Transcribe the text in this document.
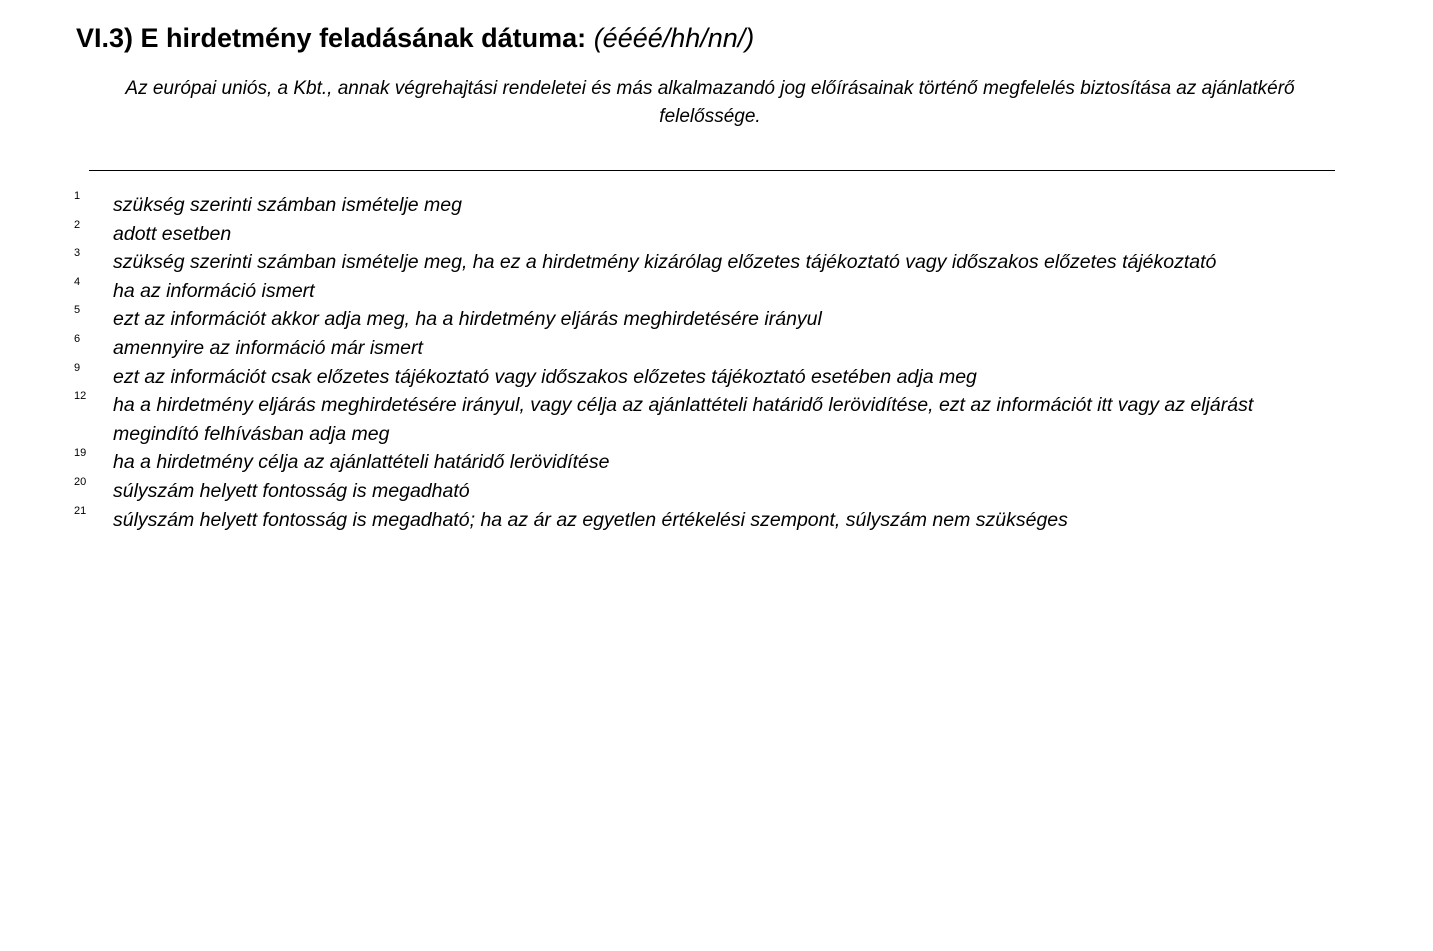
VI.3) E hirdetmény feladásának dátuma: (éééé/hh/nn/)

Az európai uniós, a Kbt., annak végrehajtási rendeletei és más alkalmazandó jog előírásainak történő megfelelés biztosítása az ajánlatkérő felelőssége.

1 szükség szerinti számban ismételje meg
2 adott esetben
3 szükség szerinti számban ismételje meg, ha ez a hirdetmény kizárólag előzetes tájékoztató vagy időszakos előzetes tájékoztató
4 ha az információ ismert
5 ezt az információt akkor adja meg, ha a hirdetmény eljárás meghirdetésére irányul
6 amennyire az információ már ismert
9 ezt az információt csak előzetes tájékoztató vagy időszakos előzetes tájékoztató esetében adja meg
12 ha a hirdetmény eljárás meghirdetésére irányul, vagy célja az ajánlattételi határidő lerövidítése, ezt az információt itt vagy az eljárást megindító felhívásban adja meg
19 ha a hirdetmény célja az ajánlattételi határidő lerövidítése
20 súlyszám helyett fontosság is megadható
21 súlyszám helyett fontosság is megadható; ha az ár az egyetlen értékelési szempont, súlyszám nem szükséges
